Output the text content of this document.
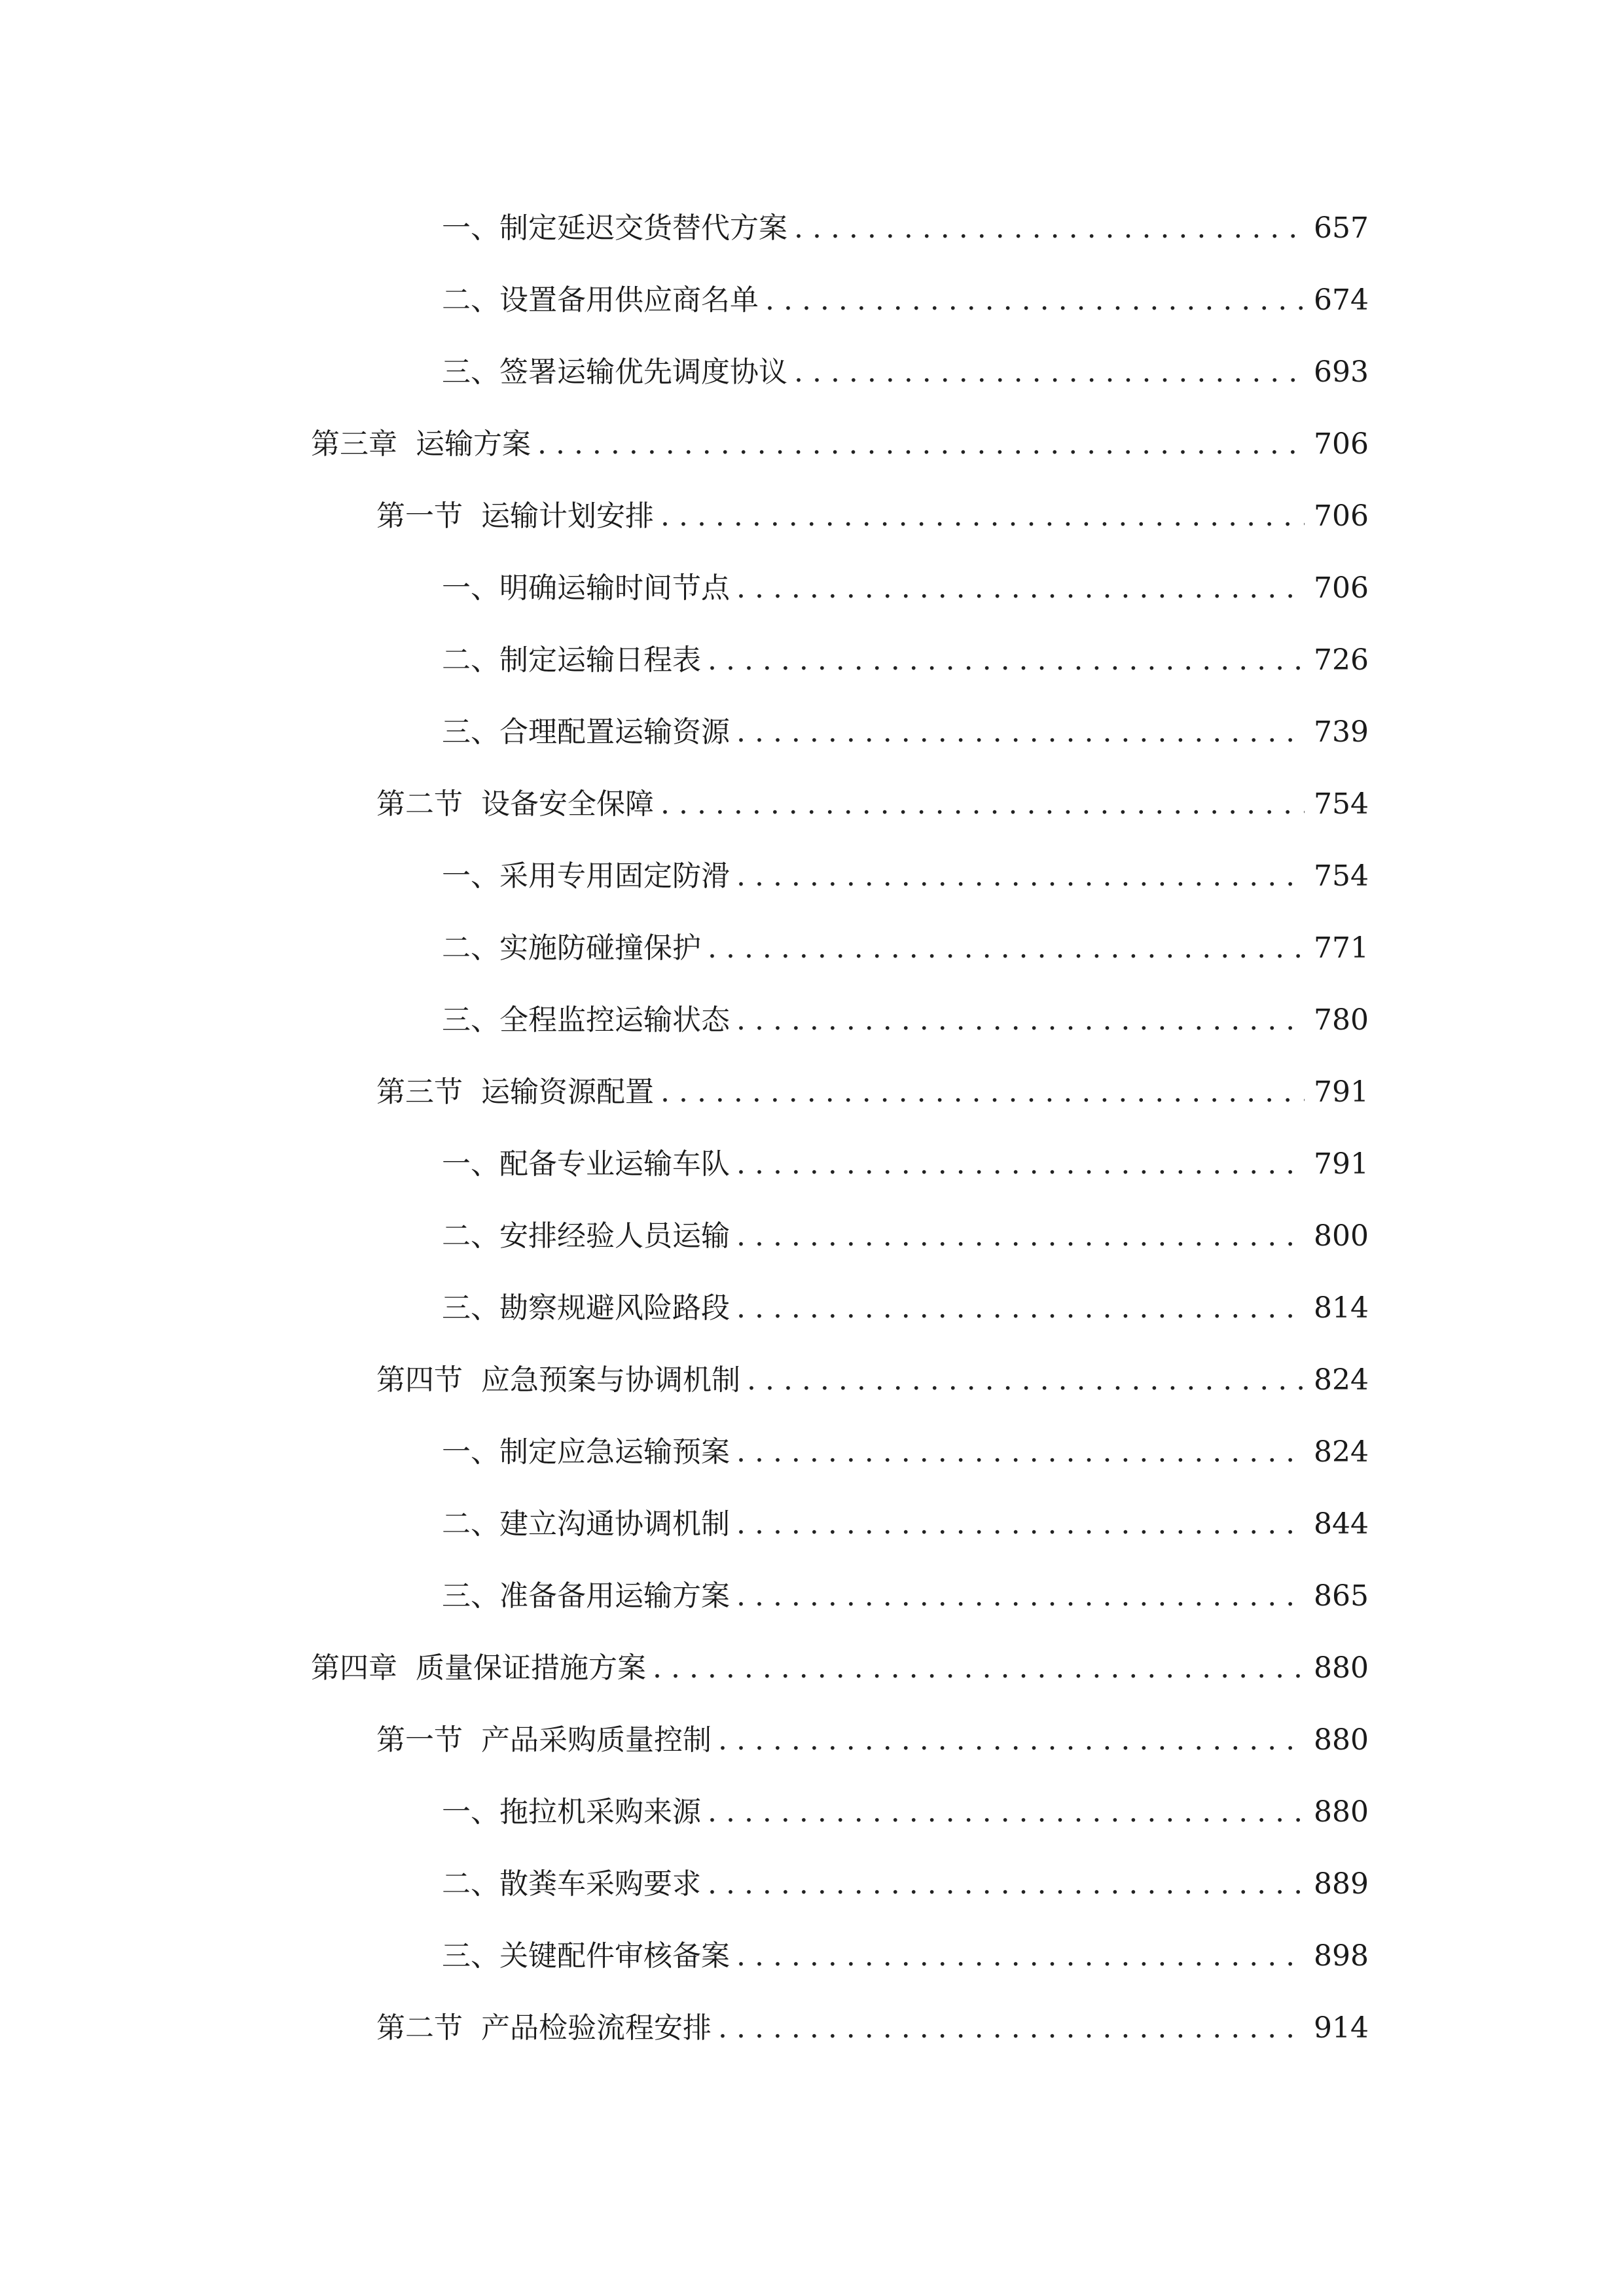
一、 制定延迟交货替代方案 . . .	657
二、 设置备用供应商名单 . . .	674
三、 签署运输优先调度协议 . . .	693
第三章 运输方案 . . .	706
第一节 运输计划安排 . . .	706
一、 明确运输时间节点 . . .	706
二、 制定运输日程表 . . .	726
三、 合理配置运输资源 . . .	739
第二节 设备安全保障 . . .	754
一、 采用专用固定防滑 . . .	754
二、 实施防碰撞保护 . . .	771
三、 全程监控运输状态 . . .	780
第三节 运输资源配置 . . .	791
一、 配备专业运输车队 . . .	791
二、 安排经验人员运输 . . .	800
三、 勘察规避风险路段 . . .	814
第四节 应急预案与协调机制 . . .	824
一、 制定应急运输预案 . . .	824
二、 建立沟通协调机制 . . .	844
三、 准备备用运输方案 . . .	865
第四章 质量保证措施方案 . . .	880
第一节 产品采购质量控制 . . .	880
一、 拖拉机采购来源 . . .	880
二、 散粪车采购要求 . . .	889
三、 关键配件审核备案 . . .	898
第二节 产品检验流程安排 . . .	914
